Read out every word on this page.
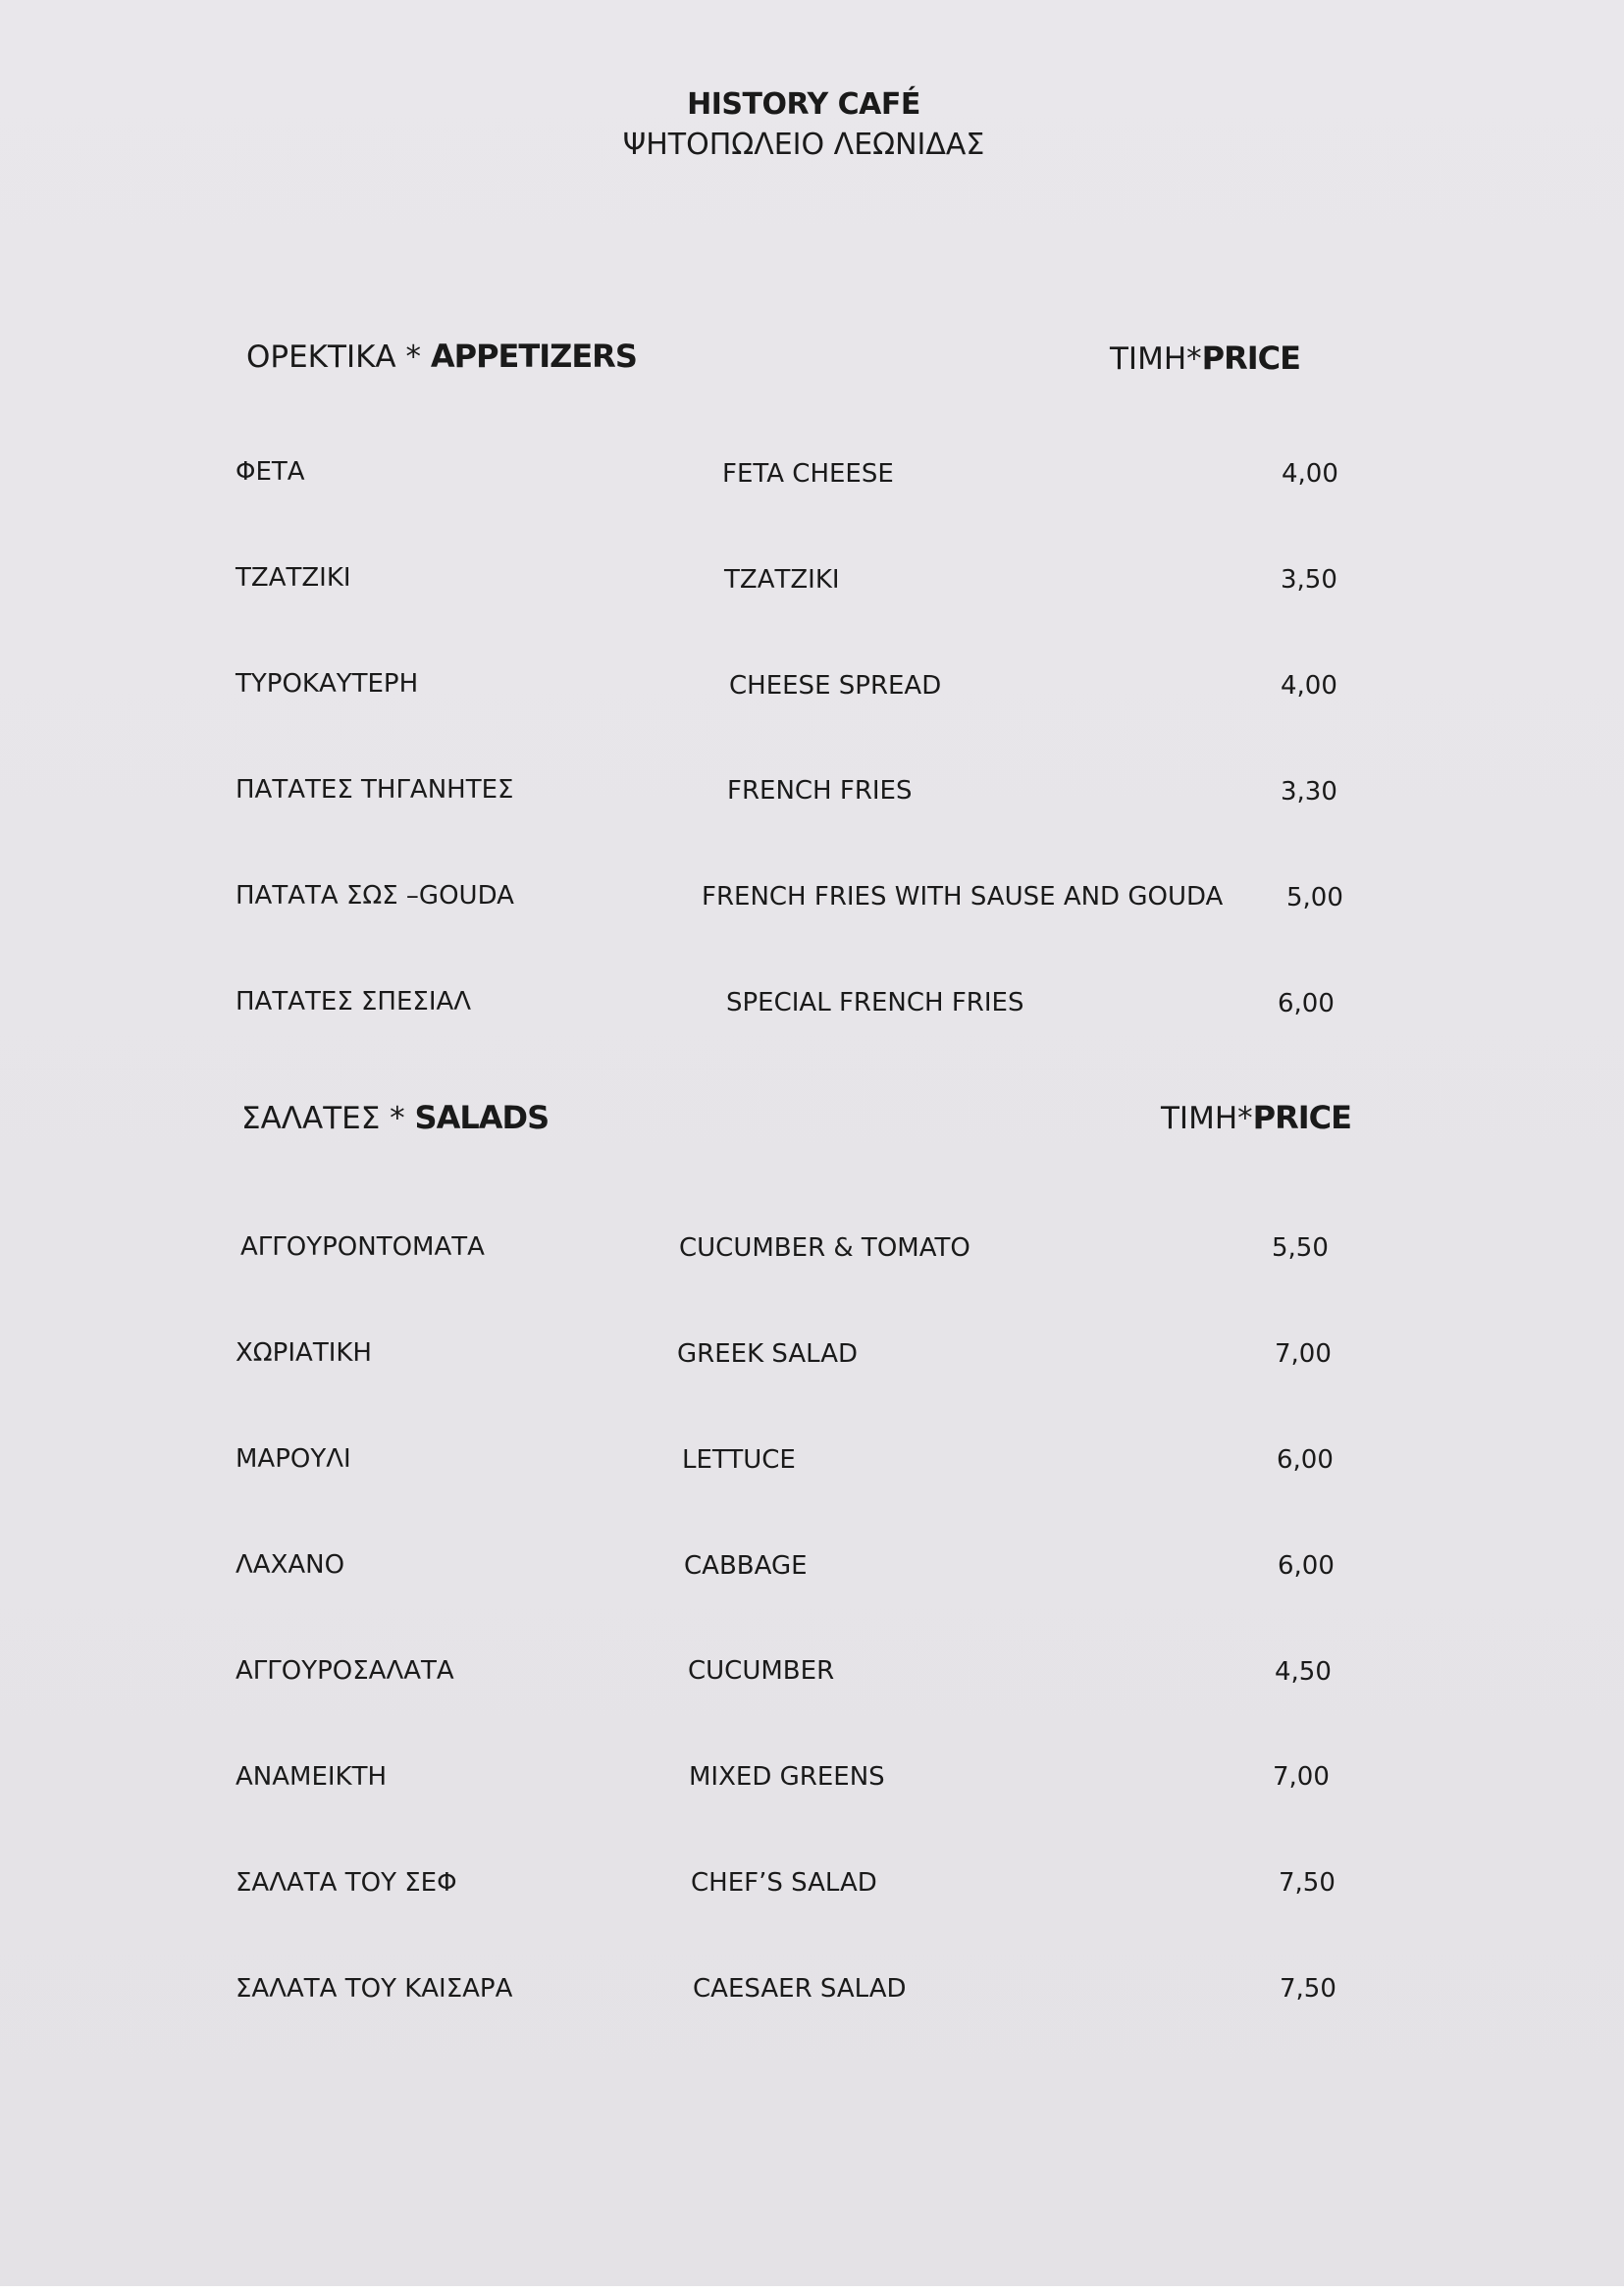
HISTORY CAFÉ
ΨΗΤΟΠΩΛΕΙΟ ΛΕΩΝΙΔΑΣ
ΟΡΕΚΤΙΚΑ * APPETIZERS	ΤΙΜΗ*PRICE
ΦΕΤΑ	FETA CHEESE	4,00
ΤΖΑΤΖΙΚΙ	ΤΖΑΤΖΙΚΙ	3,50
ΤΥΡΟΚΑΥΤΕΡΗ	CHEESE SPREAD	4,00
ΠΑΤΑΤΕΣ ΤΗΓΑΝΗΤΕΣ	FRENCH FRIES	3,30
ΠΑΤΑΤΑ ΣΩΣ –GOUDA	FRENCH FRIES WITH SAUSE AND GOUDA 5,00
ΠΑΤΑΤΕΣ ΣΠΕΣΙΑΛ	SPECIAL FRENCH FRIES	6,00
ΣΑΛΑΤΕΣ * SALADS	ΤΙΜΗ*PRICE
ΑΓΓΟΥΡΟΝΤΟΜΑΤΑ	CUCUMBER & TOMATO	5,50
ΧΩΡΙΑΤΙΚΗ	GREEK SALAD	7,00
ΜΑΡΟΥΛΙ	LETTUCE	6,00
ΛΑΧΑΝΟ	CABBAGE	6,00
ΑΓΓΟΥΡΟΣΑΛΑΤΑ	CUCUMBER	4,50
ΑΝΑΜΕΙΚΤΗ	MIXED GREENS	7,00
ΣΑΛΑΤΑ ΤΟΥ ΣΕΦ	CHEF’S SALAD	7,50
ΣΑΛΑΤΑ ΤΟΥ ΚΑΙΣΑΡΑ	CAESAER SALAD	7,50
